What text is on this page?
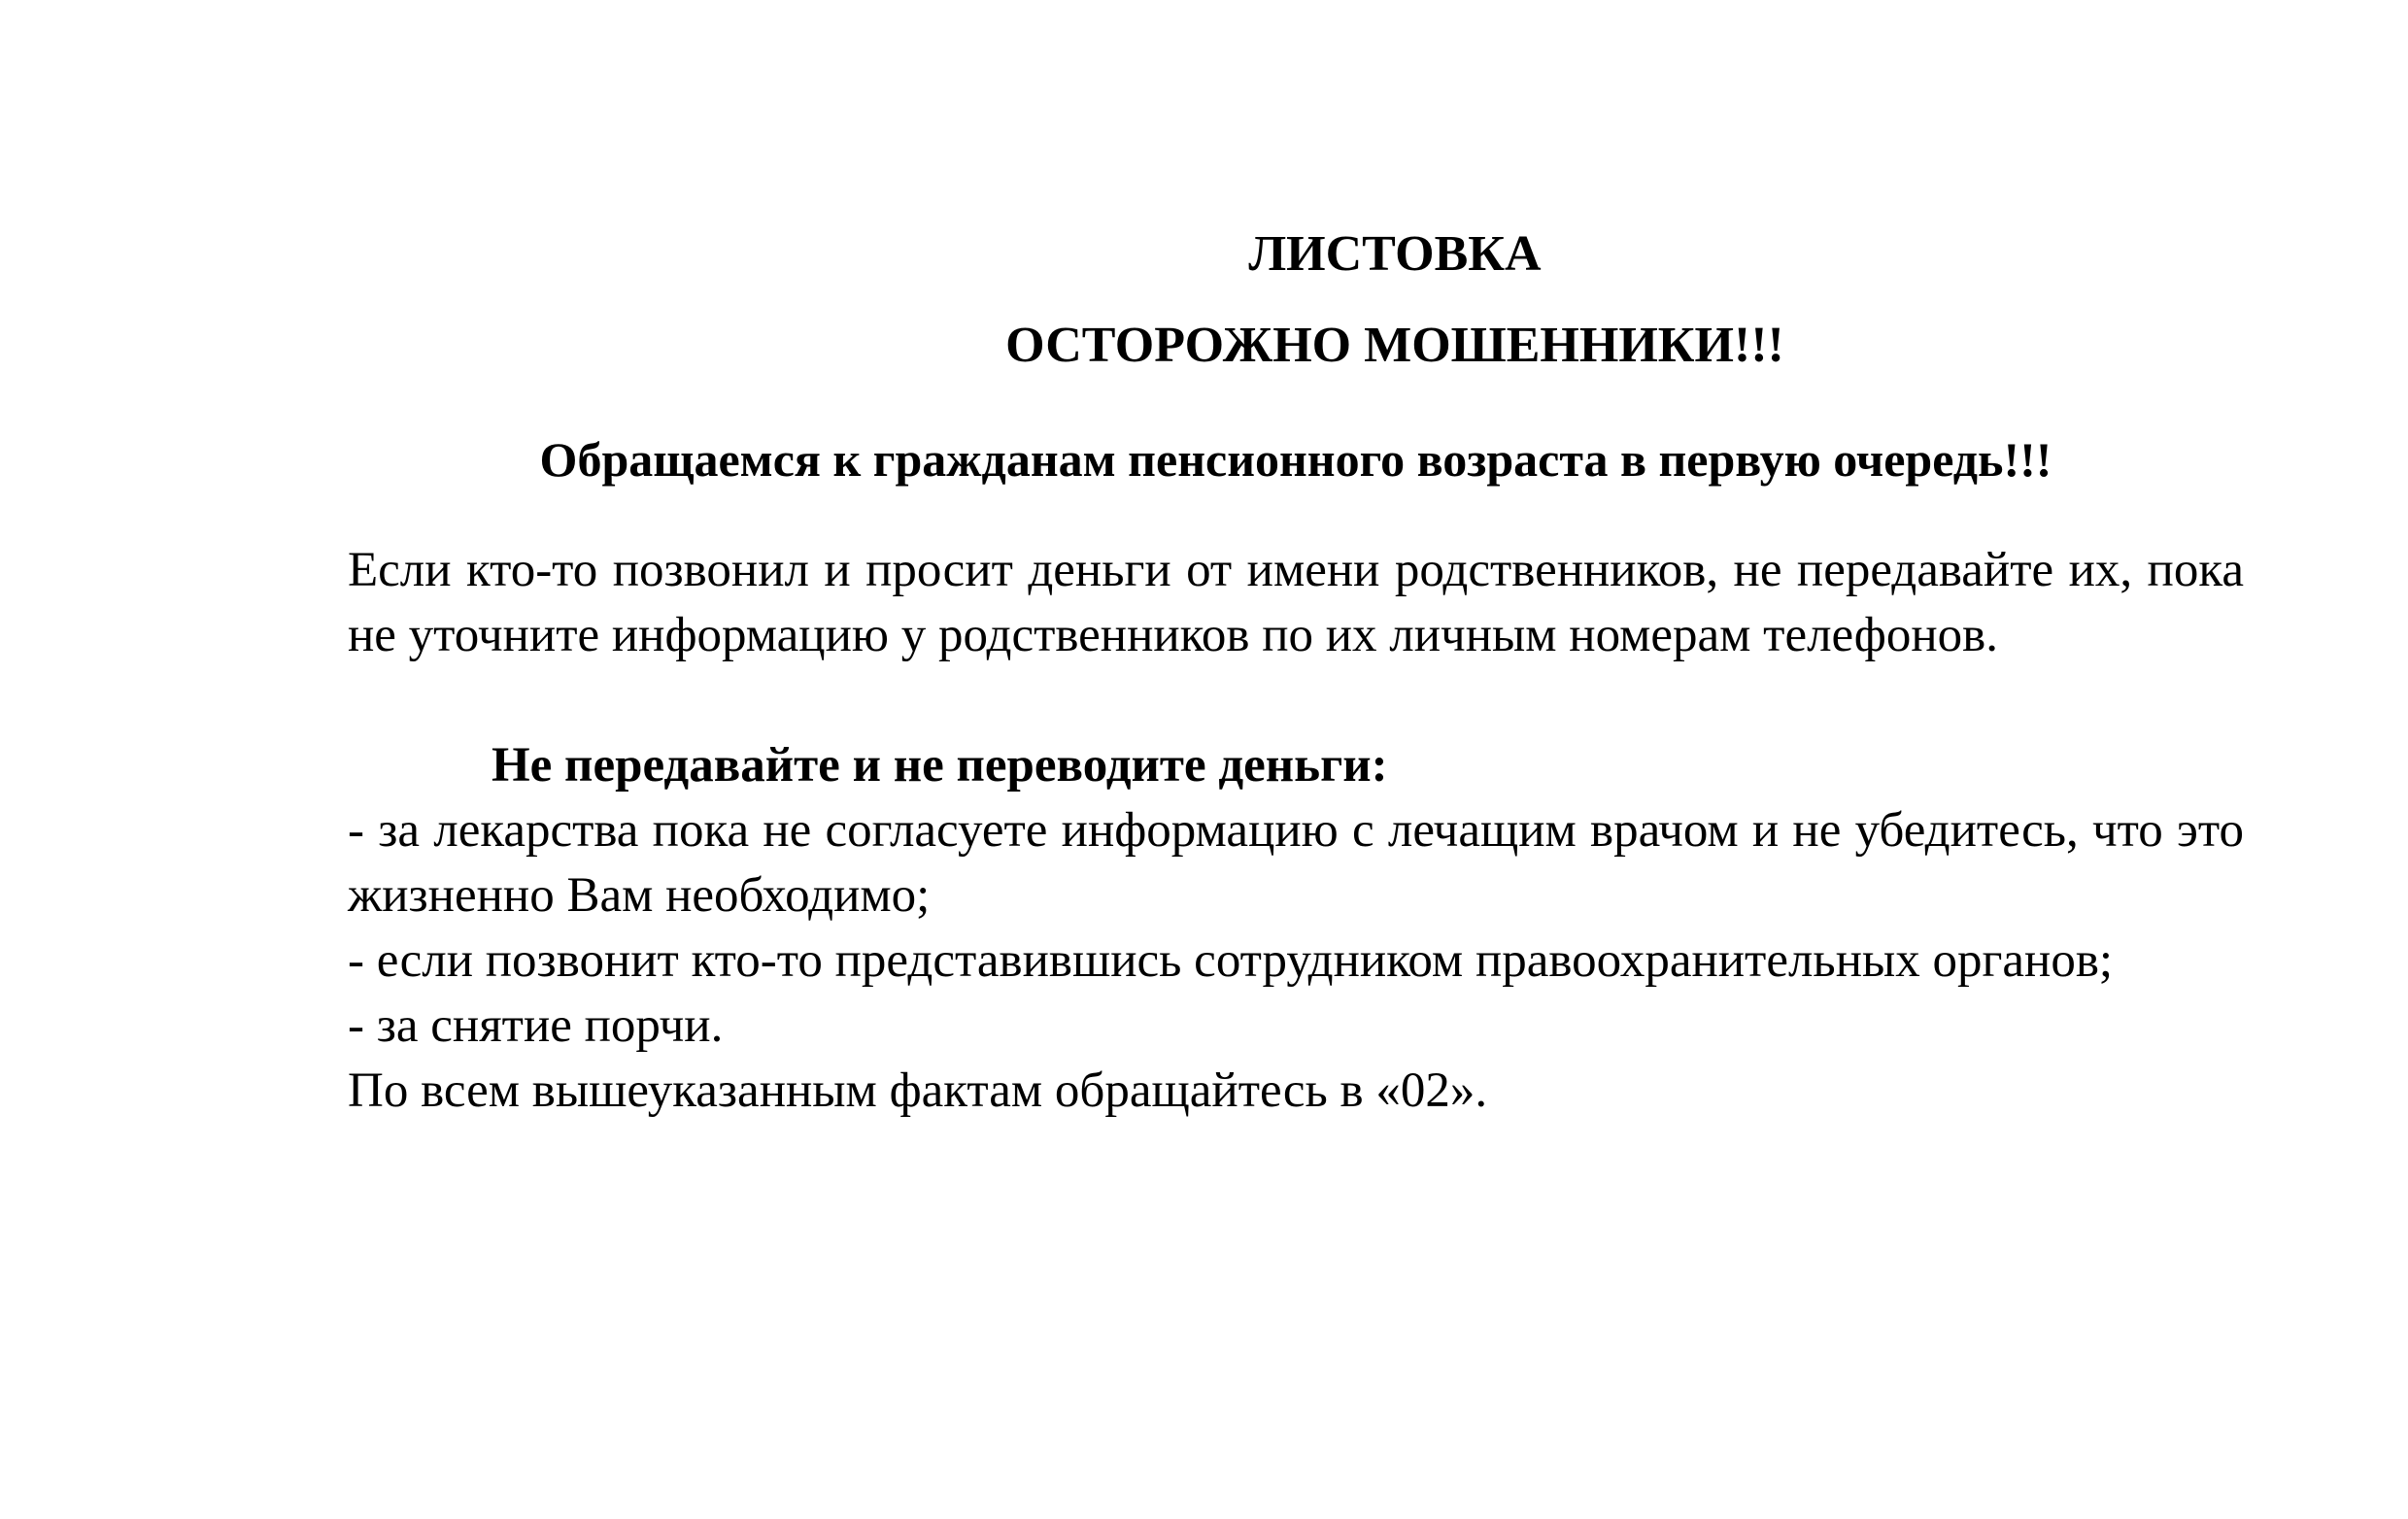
ЛИСТОВКА
ОСТОРОЖНО МОШЕННИКИ!!!
Обращаемся к гражданам пенсионного возраста в первую очередь!!!

Если кто-то позвонил и просит деньги от имени родственников, не передавайте их, пока не уточните информацию у родственников по их личным номерам телефонов.

Не передавайте и не переводите деньги:

- за лекарства пока не согласуете информацию с лечащим врачом и не убедитесь, что это жизненно Вам необходимо;

- если позвонит кто-то представившись сотрудником правоохранительных органов;

- за снятие порчи.

По всем вышеуказанным фактам обращайтесь в «02».
